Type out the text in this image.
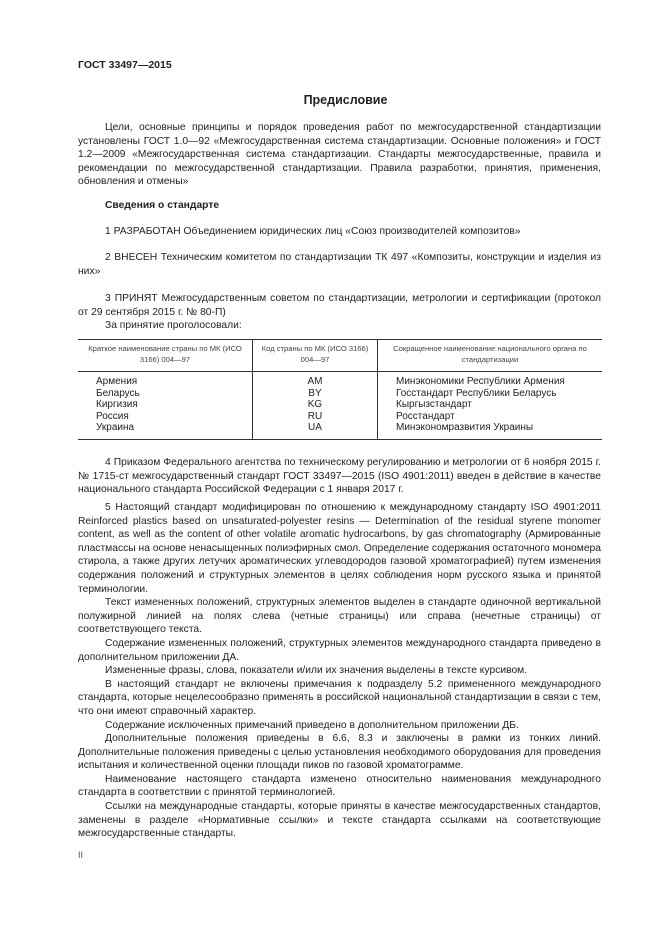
ГОСТ 33497—2015
Предисловие
Цели, основные принципы и порядок проведения работ по межгосударственной стандартизации установлены ГОСТ 1.0—92 «Межгосударственная система стандартизации. Основные положения» и ГОСТ 1.2—2009 «Межгосударственная система стандартизации. Стандарты межгосударственные, правила и рекомендации по межгосударственной стандартизации. Правила разработки, принятия, применения, обновления и отмены»
Сведения о стандарте
1 РАЗРАБОТАН Объединением юридических лиц «Союз производителей композитов»
2 ВНЕСЕН Техническим комитетом по стандартизации ТК 497 «Композиты, конструкции и изделия из них»
3 ПРИНЯТ Межгосударственным советом по стандартизации, метрологии и сертификации (протокол от 29 сентября 2015 г. № 80-П)
За принятие проголосовали:
Краткое наименование страны по МК (ИСО 3166) 004—97	Код страны по МК (ИСО 3166) 004—97	Сокращенное наименование национального органа по стандартизации
Армения	AM	Минэкономики Республики Армения
Беларусь	BY	Госстандарт Республики Беларусь
Киргизия	KG	Кыргызстандарт
Россия	RU	Росстандарт
Украина	UA	Минэкономразвития Украины
4 Приказом Федерального агентства по техническому регулированию и метрологии от 6 ноября 2015 г. № 1715-ст межгосударственный стандарт ГОСТ 33497—2015 (ISO 4901:2011) введен в действие в качестве национального стандарта Российской Федерации с 1 января 2017 г.
5 Настоящий стандарт модифицирован по отношению к международному стандарту ISO 4901:2011 Reinforced plastics based on unsaturated-polyester resins — Determination of the residual styrene monomer content, as well as the content of other volatile aromatic hydrocarbons, by gas chromatography (Армированные пластмассы на основе ненасыщенных полиэфирных смол. Определение содержания остаточного мономера стирола, а также других летучих ароматических углеводородов газовой хроматографией) путем изменения содержания положений и структурных элементов в целях соблюдения норм русского языка и принятой терминологии.
Текст измененных положений, структурных элементов выделен в стандарте одиночной вертикальной полужирной линией на полях слева (четные страницы) или справа (нечетные страницы) от соответствующего текста.
Содержание измененных положений, структурных элементов международного стандарта приведено в дополнительном приложении ДА.
Измененные фразы, слова, показатели и/или их значения выделены в тексте курсивом.
В настоящий стандарт не включены примечания к подразделу 5.2 примененного международного стандарта, которые нецелесообразно применять в российской национальной стандартизации в связи с тем, что они имеют справочный характер.
Содержание исключенных примечаний приведено в дополнительном приложении ДБ.
Дополнительные положения приведены в 6.6, 8.3 и заключены в рамки из тонких линий. Дополнительные положения приведены с целью установления необходимого оборудования для проведения испытания и количественной оценки площади пиков по газовой хроматограмме.
Наименование настоящего стандарта изменено относительно наименования международного стандарта в соответствии с принятой терминологией.
Ссылки на международные стандарты, которые приняты в качестве межгосударственных стандартов, заменены в разделе «Нормативные ссылки» и тексте стандарта ссылками на соответствующие межгосударственные стандарты.
II
